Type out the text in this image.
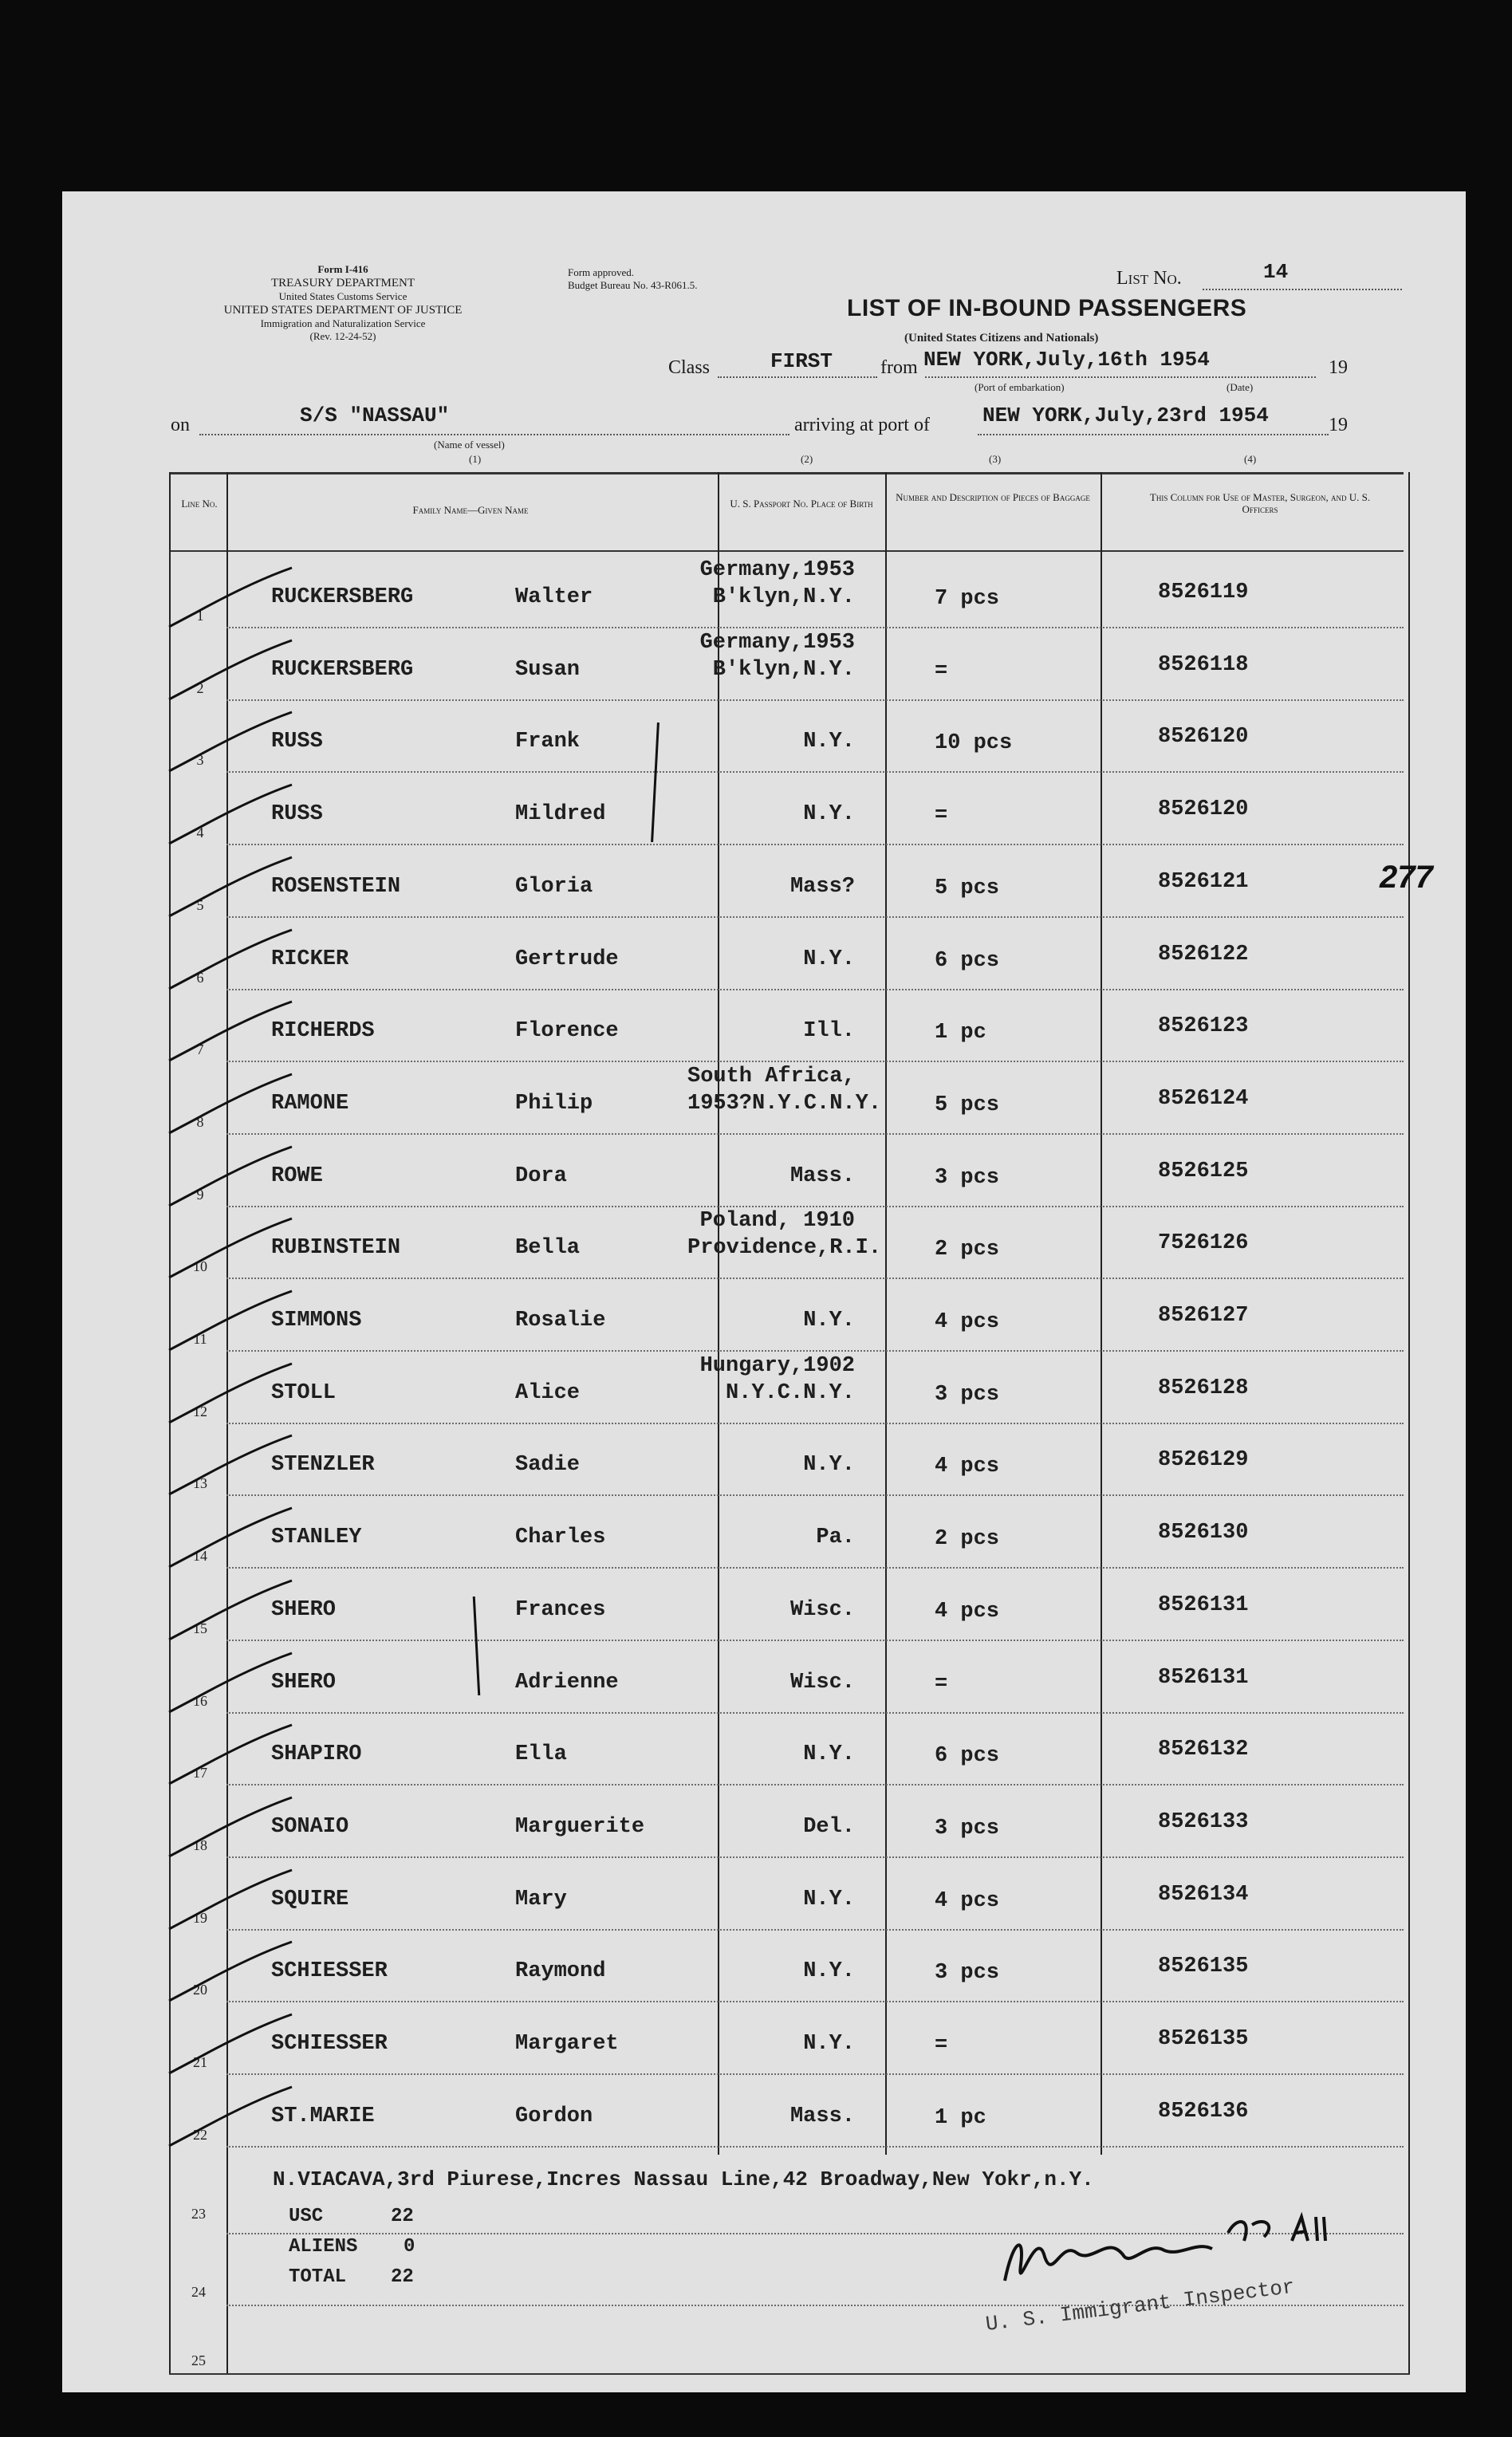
Form I-416
TREASURY DEPARTMENT
United States Customs Service
UNITED STATES DEPARTMENT OF JUSTICE
Immigration and Naturalization Service
(Rev. 12-24-52)
Form approved.
Budget Bureau No. 43-R061.5.
LIST OF IN-BOUND PASSENGERS
(United States Citizens and Nationals)
List No.	14
Class	FIRST from NEW YORK,July,16th 1954	19
(Port of embarkation)	(Date)
on	S/S "NASSAU"	arriving at port of	NEW YORK,July,23rd 1954	19
(Name of vessel)
(1)	(2)	(3)	(4)
Line No.
Family Name—Given Name
U. S. Passport No. Place of Birth
Number and Description of Pieces of Baggage	This Column for Use of Master, Surgeon, and U. S. Officers
1
RUCKERSBERG	Walter
Germany,1953
B'klyn,N.Y.	7 pcs	8526119
2
RUCKERSBERG	Susan
Germany,1953
B'klyn,N.Y.	=	8526118
3
RUSS	Frank	N.Y.	10 pcs	8526120
4
RUSS	Mildred	N.Y.	=	8526120
5
ROSENSTEIN	Gloria	Mass?	5 pcs	8526121
6
RICKER	Gertrude	N.Y.	6 pcs	8526122
7
RICHERDS	Florence	Ill.	1 pc	8526123
8
RAMONE	Philip
South Africa,
1953?N.Y.C.N.Y. 5 pcs	8526124
9
ROWE	Dora	Mass.	3 pcs	8526125
10
RUBINSTEIN	Bella
Poland, 1910
Providence,R.I. 2 pcs	7526126
11
SIMMONS	Rosalie	N.Y.	4 pcs	8526127
12
STOLL	Alice
Hungary,1902
N.Y.C.N.Y.	3 pcs	8526128
13
STENZLER	Sadie	N.Y.	4 pcs	8526129
14
STANLEY	Charles	Pa.	2 pcs	8526130
15
SHERO	Frances	Wisc.	4 pcs	8526131
16
SHERO	Adrienne	Wisc.	=	8526131
17
SHAPIRO	Ella	N.Y.	6 pcs	8526132
18
SONAIO	Marguerite	Del.	3 pcs	8526133
19
SQUIRE	Mary	N.Y.	4 pcs	8526134
20
SCHIESSER	Raymond	N.Y.	3 pcs	8526135
21
SCHIESSER	Margaret	N.Y.	=	8526135
22
ST.MARIE	Gordon	Mass.	1 pc	8526136
N.VIACAVA,3rd Piurese,Incres Nassau Line,42 Broadway,New Yokr,n.Y.
USC	22
ALIENS 0
TOTAL 22
23
24
25
U. S. Immigrant Inspector
277
